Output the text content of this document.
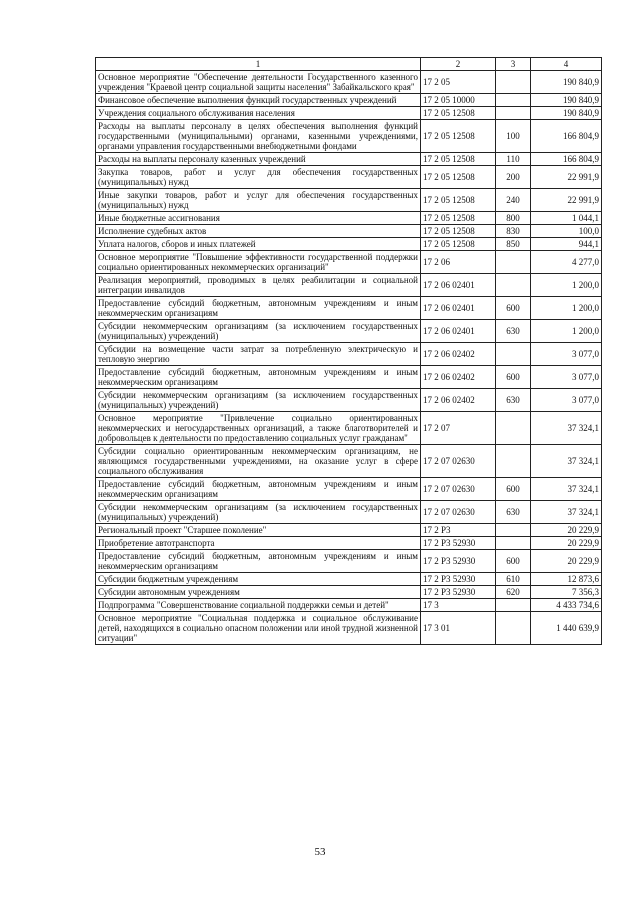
1	2	3	4
Основное мероприятие "Обеспечение деятельности Государственного казенного учреждения "Краевой центр социальной защиты населения" Забайкальского края"	17 2 05		190 840,9
Финансовое обеспечение выполнения функций государственных учреждений	17 2 05 10000		190 840,9
Учреждения социального обслуживания населения	17 2 05 12508		190 840,9
Расходы на выплаты персоналу в целях обеспечения выполнения функций государственными (муниципальными) органами, казенными учреждениями, органами управления государственными внебюджетными фондами	17 2 05 12508	100	166 804,9
Расходы на выплаты персоналу казенных учреждений	17 2 05 12508	110	166 804,9
Закупка товаров, работ и услуг для обеспечения государственных (муниципальных) нужд	17 2 05 12508	200	22 991,9
Иные закупки товаров, работ и услуг для обеспечения государственных (муниципальных) нужд	17 2 05 12508	240	22 991,9
Иные бюджетные ассигнования	17 2 05 12508	800	1 044,1
Исполнение судебных актов	17 2 05 12508	830	100,0
Уплата налогов, сборов и иных платежей	17 2 05 12508	850	944,1
Основное мероприятие "Повышение эффективности государственной поддержки социально ориентированных некоммерческих организаций"	17 2 06		4 277,0
Реализация мероприятий, проводимых в целях реабилитации и социальной интеграции инвалидов	17 2 06 02401		1 200,0
Предоставление субсидий бюджетным, автономным учреждениям и иным некоммерческим организациям	17 2 06 02401	600	1 200,0
Субсидии некоммерческим организациям (за исключением государственных (муниципальных) учреждений)	17 2 06 02401	630	1 200,0
Субсидии на возмещение части затрат за потребленную электрическую и тепловую энергию	17 2 06 02402		3 077,0
Предоставление субсидий бюджетным, автономным учреждениям и иным некоммерческим организациям	17 2 06 02402	600	3 077,0
Субсидии некоммерческим организациям (за исключением государственных (муниципальных) учреждений)	17 2 06 02402	630	3 077,0
Основное мероприятие "Привлечение социально ориентированных некоммерческих и негосударственных организаций, а также благотворителей и добровольцев к деятельности по предоставлению социальных услуг гражданам"	17 2 07		37 324,1
Субсидии социально ориентированным некоммерческим организациям, не являющимся государственными учреждениями, на оказание услуг в сфере социального обслуживания	17 2 07 02630		37 324,1
Предоставление субсидий бюджетным, автономным учреждениям и иным некоммерческим организациям	17 2 07 02630	600	37 324,1
Субсидии некоммерческим организациям (за исключением государственных (муниципальных) учреждений)	17 2 07 02630	630	37 324,1
Региональный проект "Старшее поколение"	17 2 P3		20 229,9
Приобретение автотранспорта	17 2 P3 52930		20 229,9
Предоставление субсидий бюджетным, автономным учреждениям и иным некоммерческим организациям	17 2 P3 52930	600	20 229,9
Субсидии бюджетным учреждениям	17 2 P3 52930	610	12 873,6
Субсидии автономным учреждениям	17 2 P3 52930	620	7 356,3
Подпрограмма "Совершенствование социальной поддержки семьи и детей"	17 3		4 433 734,6
Основное мероприятие "Социальная поддержка и социальное обслуживание детей, находящихся в социально опасном положении или иной трудной жизненной ситуации"	17 3 01		1 440 639,9
53
